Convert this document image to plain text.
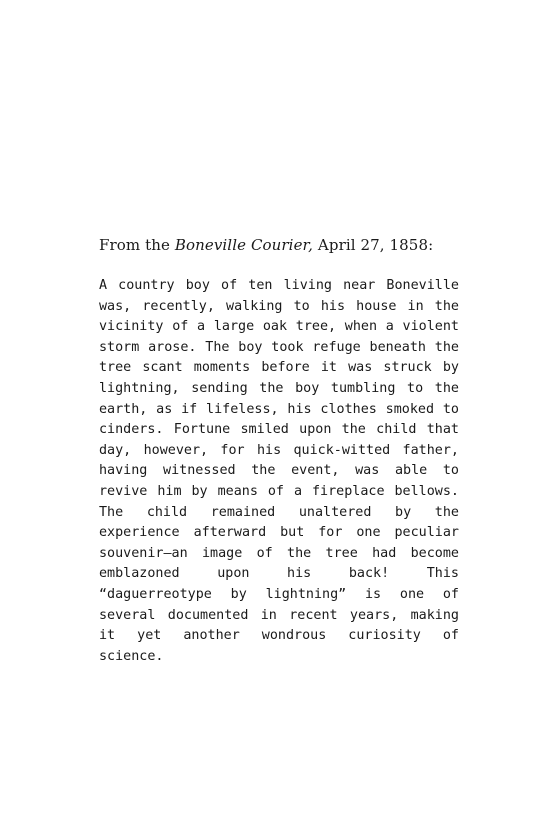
From the Boneville Courier, April 27, 1858:

A country boy of ten living near Boneville was, recently, walking to his house in the vicinity of a large oak tree, when a violent storm arose. The boy took refuge beneath the tree scant moments before it was struck by lightning, sending the boy tumbling to the earth, as if lifeless, his clothes smoked to cinders. Fortune smiled upon the child that day, however, for his quick-witted father, having witnessed the event, was able to revive him by means of a fireplace bellows. The child remained unaltered by the experience afterward but for one peculiar souvenir—an image of the tree had become emblazoned upon his back! This “daguerreotype by lightning” is one of several documented in recent years, making it yet another wondrous curiosity of science.
